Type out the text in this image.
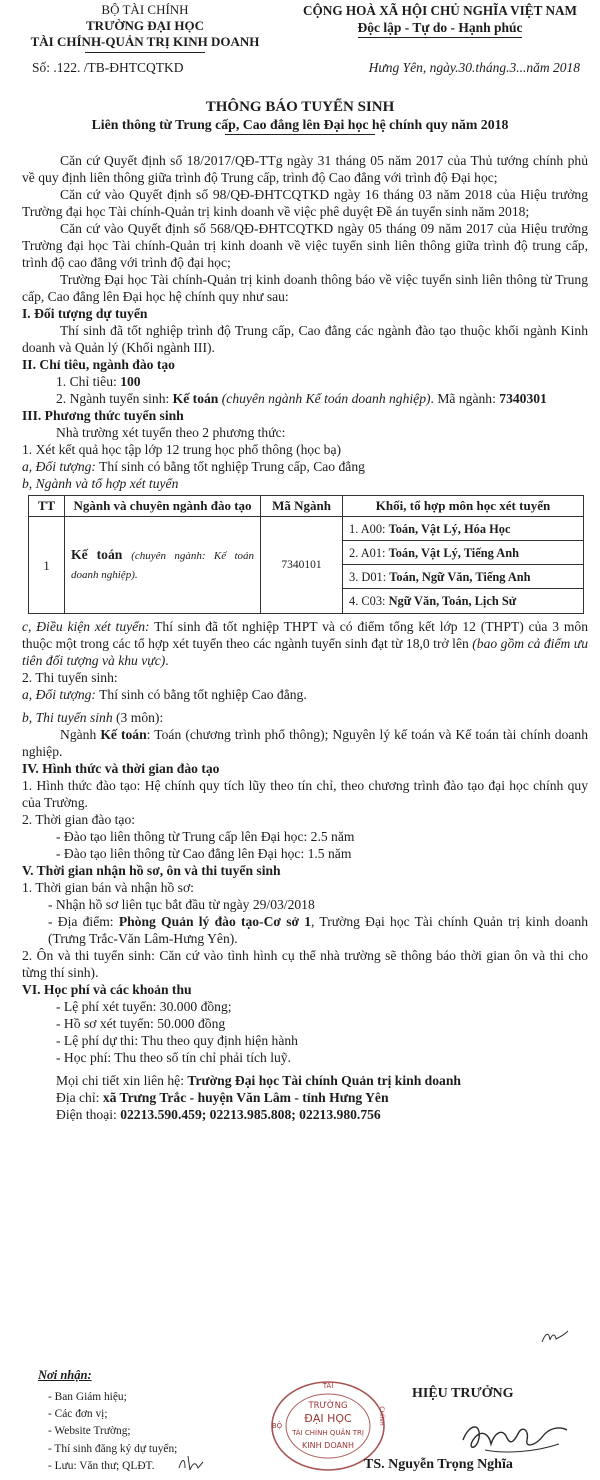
BỘ TÀI CHÍNH
TRƯỜNG ĐẠI HỌC
TÀI CHÍNH-QUẢN TRỊ KINH DOANH
CỘNG HOÀ XÃ HỘI CHỦ NGHĨA VIỆT NAM
Độc lập - Tự do - Hạnh phúc
Số: .122. /TB-ĐHTCQTKD	Hưng Yên, ngày.30.tháng.3...năm 2018
THÔNG BÁO TUYỂN SINH
Liên thông từ Trung cấp, Cao đẳng lên Đại học hệ chính quy năm 2018

Căn cứ Quyết định số 18/2017/QĐ-TTg ngày 31 tháng 05 năm 2017 của Thủ tướng chính phủ về quy định liên thông giữa trình độ Trung cấp, trình độ Cao đẳng với trình độ Đại học;

Căn cứ vào Quyết định số 98/QĐ-ĐHTCQTKD ngày 16 tháng 03 năm 2018 của Hiệu trưởng Trường đại học Tài chính-Quản trị kinh doanh về việc phê duyệt Đề án tuyển sinh năm 2018;

Căn cứ vào Quyết định số 568/QĐ-ĐHTCQTKD ngày 05 tháng 09 năm 2017 của Hiệu trưởng Trường đại học Tài chính-Quản trị kinh doanh về việc tuyển sinh liên thông giữa trình độ trung cấp, trình độ cao đẳng với trình độ đại học;

Trường Đại học Tài chính-Quản trị kinh doanh thông báo về việc tuyển sinh liên thông từ Trung cấp, Cao đẳng lên Đại học hệ chính quy như sau:

I. Đối tượng dự tuyển

Thí sinh đã tốt nghiệp trình độ Trung cấp, Cao đẳng các ngành đào tạo thuộc khối ngành Kinh doanh và Quản lý (Khối ngành III).

II. Chỉ tiêu, ngành đào tạo

1. Chỉ tiêu: 100

2. Ngành tuyển sinh: Kế toán (chuyên ngành Kế toán doanh nghiệp). Mã ngành: 7340301

III. Phương thức tuyển sinh

Nhà trường xét tuyển theo 2 phương thức:

1. Xét kết quả học tập lớp 12 trung học phổ thông (học bạ)

a, Đối tượng: Thí sinh có bằng tốt nghiệp Trung cấp, Cao đẳng

b, Ngành và tổ hợp xét tuyển

TT	Ngành và chuyên ngành đào tạo	Mã Ngành	Khối, tổ hợp môn học xét tuyển
1	Kế toán (chuyên ngành: Kế toán doanh nghiệp).	7340101	1. A00: Toán, Vật Lý, Hóa Học
2. A01: Toán, Vật Lý, Tiếng Anh
3. D01: Toán, Ngữ Văn, Tiếng Anh
4. C03: Ngữ Văn, Toán, Lịch Sử

c, Điều kiện xét tuyển: Thí sinh đã tốt nghiệp THPT và có điểm tổng kết lớp 12 (THPT) của 3 môn thuộc một trong các tổ hợp xét tuyển theo các ngành tuyển sinh đạt từ 18,0 trở lên (bao gồm cả điểm ưu tiên đối tượng và khu vực).

2. Thi tuyển sinh:

a, Đối tượng: Thí sinh có bằng tốt nghiệp Cao đẳng.

b, Thi tuyển sinh (3 môn):

Ngành Kế toán: Toán (chương trình phổ thông); Nguyên lý kế toán và Kế toán tài chính doanh nghiệp.

IV. Hình thức và thời gian đào tạo

1. Hình thức đào tạo: Hệ chính quy tích lũy theo tín chỉ, theo chương trình đào tạo đại học chính quy của Trường.

2. Thời gian đào tạo:

- Đào tạo liên thông từ Trung cấp lên Đại học: 2.5 năm

- Đào tạo liên thông từ Cao đẳng lên Đại học: 1.5 năm

V. Thời gian nhận hồ sơ, ôn và thi tuyển sinh

1. Thời gian bán và nhận hồ sơ:

- Nhận hồ sơ liên tục bắt đầu từ ngày 29/03/2018

- Địa điểm: Phòng Quản lý đào tạo-Cơ sở 1, Trường Đại học Tài chính Quản trị kinh doanh (Trưng Trắc-Văn Lâm-Hưng Yên).

2. Ôn và thi tuyển sinh: Căn cứ vào tình hình cụ thể nhà trường sẽ thông báo thời gian ôn và thi cho từng thí sinh).

VI. Học phí và các khoản thu

- Lệ phí xét tuyển: 30.000 đồng;

- Hồ sơ xét tuyển: 50.000 đồng

- Lệ phí dự thi: Thu theo quy định hiện hành

- Học phí: Thu theo số tín chỉ phải tích luỹ.

Mọi chi tiết xin liên hệ: Trường Đại học Tài chính Quản trị kinh doanh

Địa chỉ: xã Trưng Trắc - huyện Văn Lâm - tỉnh Hưng Yên

Điện thoại: 02213.590.459; 02213.985.808; 02213.980.756

Nơi nhận:
- Ban Giám hiệu;
- Các đơn vị;
- Website Trường;
- Thí sinh đăng ký dự tuyển;
- Lưu: Văn thư; QLĐT.
TÀI
TRƯỜNG
ĐẠI HỌC
TÀI CHÍNH QUẢN TRỊ
KINH DOANH
BỘ
CHÍNH
HIỆU TRƯỞNG
TS. Nguyễn Trọng Nghĩa
